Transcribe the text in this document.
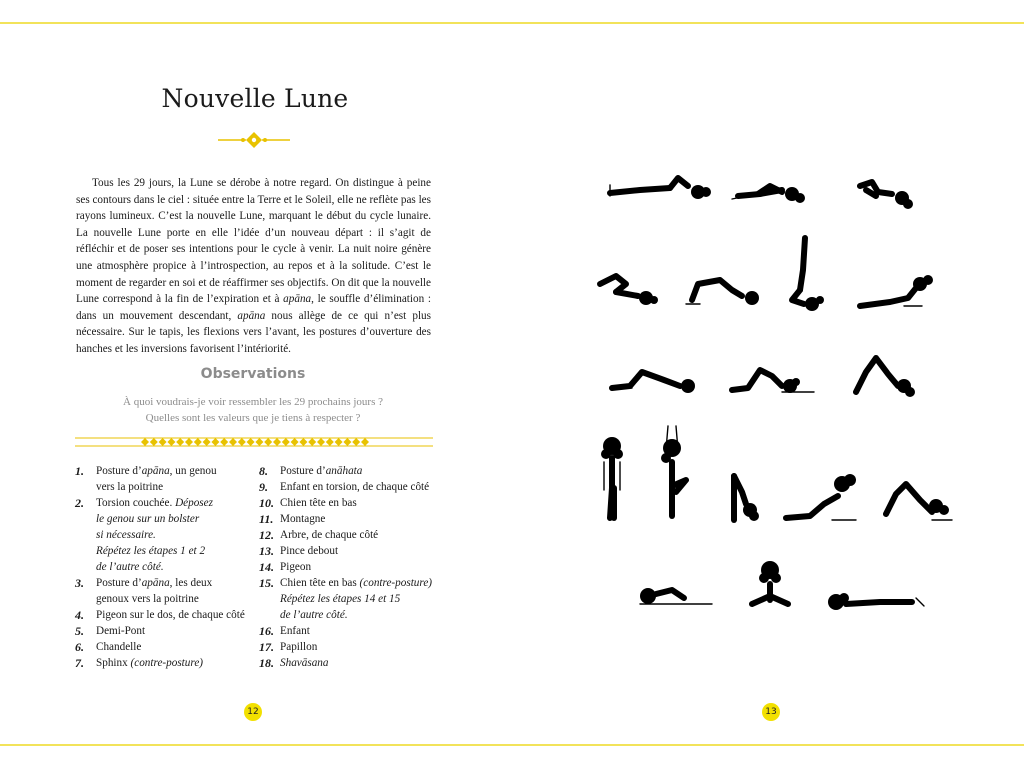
Nouvelle Lune

Tous les 29 jours, la Lune se dérobe à notre regard. On distingue à peine ses contours dans le ciel : située entre la Terre et le Soleil, elle ne reflète pas les rayons lumineux. C’est la nouvelle Lune, marquant le début du cycle lunaire. La nouvelle Lune porte en elle l’idée d’un nouveau départ : il s’agit de réfléchir et de poser ses intentions pour le cycle à venir. La nuit noire génère une atmosphère propice à l’introspection, au repos et à la solitude. C’est le moment de regarder en soi et de réaffirmer ses objectifs. On dit que la nouvelle Lune correspond à la fin de l’expiration et à apāna, le souffle d’élimination : dans un mouvement descendant, apāna nous allège de ce qui n’est plus nécessaire. Sur le tapis, les flexions vers l’avant, les postures d’ouverture des hanches et les inversions favorisent l’intériorité.

Observations
À quoi voudrais-je voir ressembler les 29 prochains jours ?
Quelles sont les valeurs que je tiens à respecter ?
1.	Posture d’apāna, un genou
vers la poitrine
2.	Torsion couchée. Déposez
le genou sur un bolster
si nécessaire.
Répétez les étapes 1 et 2
de l’autre côté.
3.	Posture d’apāna, les deux
genoux vers la poitrine
4.	Pigeon sur le dos, de chaque côté
5.	Demi-Pont
6.	Chandelle
7.	Sphinx (contre-posture)
8.	Posture d’anāhata
9.	Enfant en torsion, de chaque côté
10. Chien tête en bas
11. Montagne
12. Arbre, de chaque côté
13. Pince debout
14. Pigeon
15. Chien tête en bas (contre-posture)
Répétez les étapes 14 et 15
de l’autre côté.
16. Enfant
17. Papillon
18. Shavāsana
12	13
